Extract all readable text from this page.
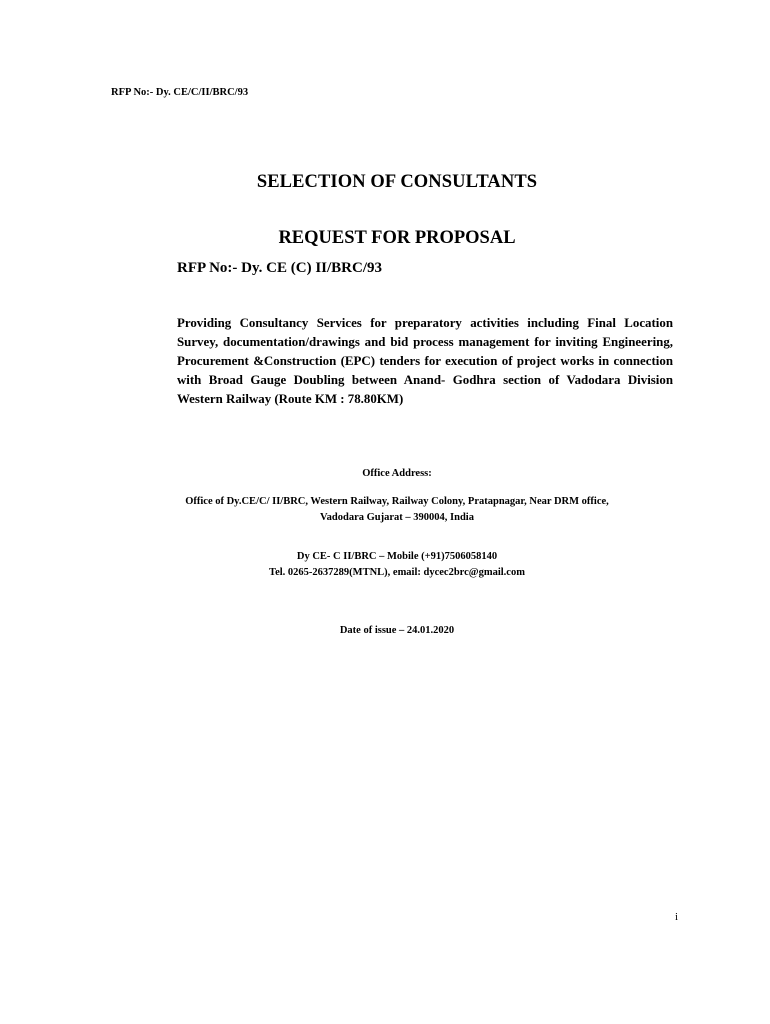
RFP No:- Dy. CE/C/II/BRC/93
SELECTION OF CONSULTANTS
REQUEST FOR PROPOSAL
RFP No:- Dy. CE (C) II/BRC/93
Providing Consultancy Services for preparatory activities including Final Location Survey, documentation/drawings and bid process management for inviting Engineering, Procurement &Construction (EPC) tenders for execution of project works in connection with Broad Gauge Doubling between Anand- Godhra section of Vadodara Division Western Railway (Route KM : 78.80KM)
Office Address:
Office of Dy.CE/C/ II/BRC, Western Railway, Railway Colony, Pratapnagar, Near DRM office,
Vadodara Gujarat – 390004, India
Dy CE- C II/BRC – Mobile (+91)7506058140
Tel. 0265-2637289(MTNL), email: dycec2brc@gmail.com
Date of issue – 24.01.2020
i
